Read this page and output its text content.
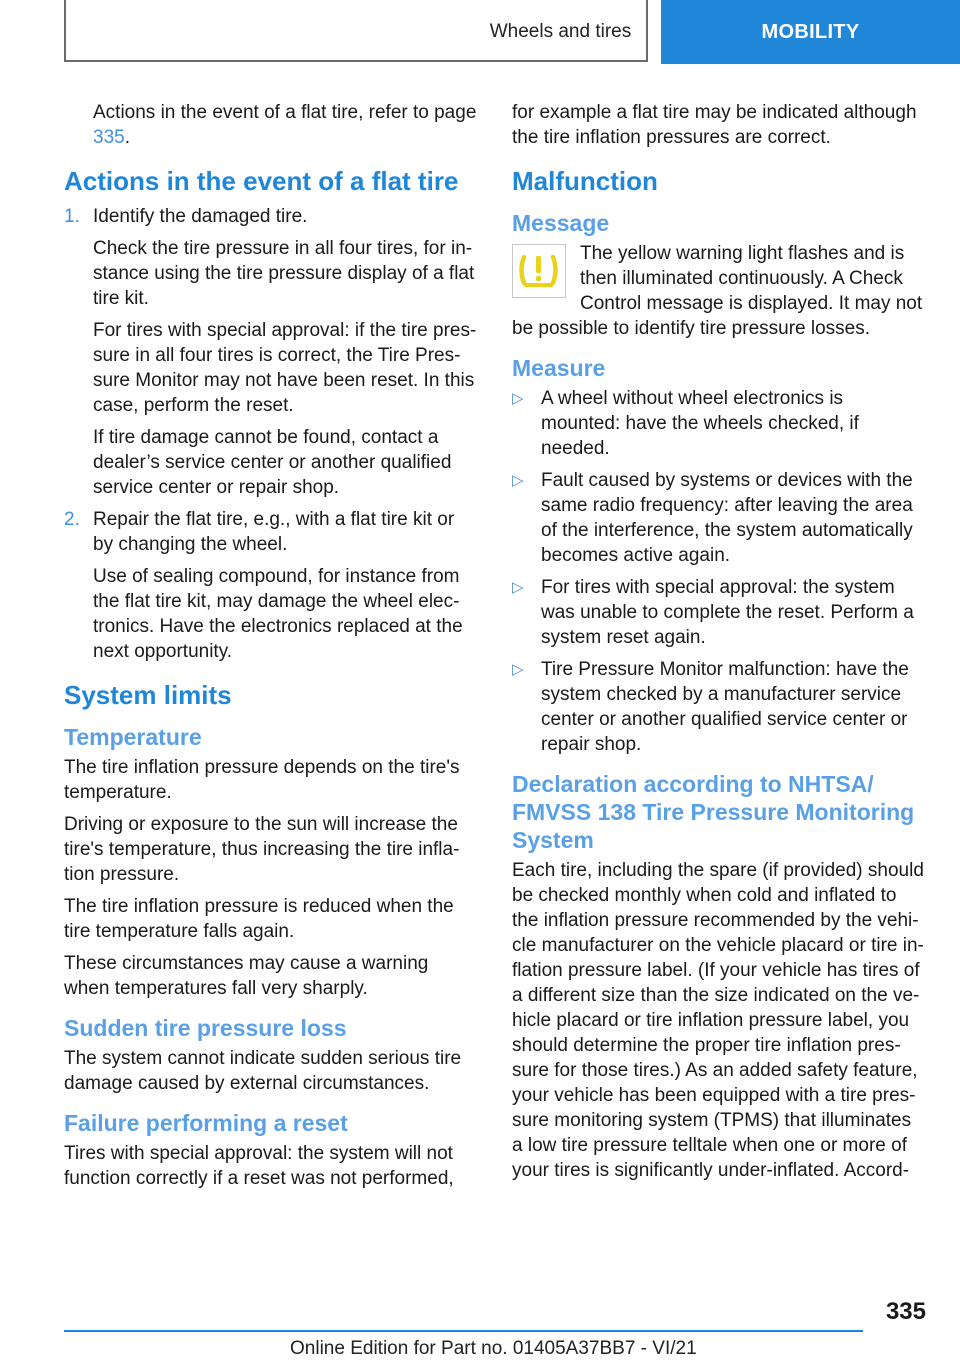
Wheels and tires	MOBILITY

Actions in the event of a flat tire, refer to page 335.

Actions in the event of a flat tire
1. Identify the damaged tire.

Check the tire pressure in all four tires, for in-stance using the tire pressure display of a flat tire kit.

For tires with special approval: if the tire pres-sure in all four tires is correct, the Tire Pres-sure Monitor may not have been reset. In this case, perform the reset.

If tire damage cannot be found, contact a dealer’s service center or another qualified service center or repair shop.

2. Repair the flat tire, e.g., with a flat tire kit or by changing the wheel.

Use of sealing compound, for instance from the flat tire kit, may damage the wheel elec-tronics. Have the electronics replaced at the next opportunity.

System limits
Temperature

The tire inflation pressure depends on the tire's temperature.

Driving or exposure to the sun will increase the tire's temperature, thus increasing the tire infla-tion pressure.

The tire inflation pressure is reduced when the tire temperature falls again.

These circumstances may cause a warning when temperatures fall very sharply.

Sudden tire pressure loss

The system cannot indicate sudden serious tire damage caused by external circumstances.

Failure performing a reset

Tires with special approval: the system will not function correctly if a reset was not performed,

for example a flat tire may be indicated although the tire inflation pressures are correct.

Malfunction
Message
The yellow warning light flashes and is then illuminated continuously. A Check Control message is displayed. It may not be possible to identify tire pressure losses.
Measure
▷ A wheel without wheel electronics is mounted: have the wheels checked, if needed.
▷ Fault caused by systems or devices with the same radio frequency: after leaving the area of the interference, the system automatically becomes active again.
▷ For tires with special approval: the system was unable to complete the reset. Perform a system reset again.
▷ Tire Pressure Monitor malfunction: have the system checked by a manufacturer service center or another qualified service center or repair shop.
Declaration according to NHTSA/ FMVSS 138 Tire Pressure Monitoring System

Each tire, including the spare (if provided) should be checked monthly when cold and inflated to the inflation pressure recommended by the vehi-cle manufacturer on the vehicle placard or tire in-flation pressure label. (If your vehicle has tires of a different size than the size indicated on the ve-hicle placard or tire inflation pressure label, you should determine the proper tire inflation pres-sure for those tires.) As an added safety feature, your vehicle has been equipped with a tire pres-sure monitoring system (TPMS) that illuminates a low tire pressure telltale when one or more of your tires is significantly under-inflated. Accord-

335
Online Edition for Part no. 01405A37BB7 - VI/21
